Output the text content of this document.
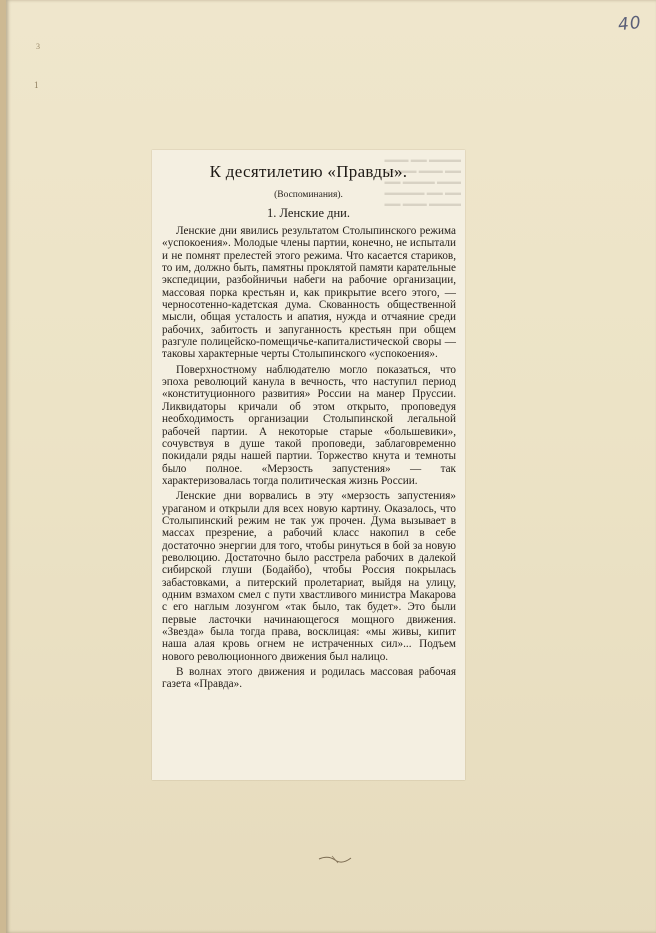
40
3
1
▬▬▬ ▬▬ ▬▬▬▬
▬▬▬▬ ▬▬▬ ▬▬
▬▬ ▬▬▬▬ ▬▬▬
▬▬▬▬▬ ▬▬ ▬▬
▬▬ ▬▬▬ ▬▬▬▬
К десятилетию «Правды».
(Воспоминания).
1. Ленские дни.

Ленские дни явились результатом Столыпинского режима «успокоения». Молодые члены партии, конечно, не испытали и не помнят прелестей этого режима. Что касается стариков, то им, должно быть, памятны проклятой памяти карательные экспедиции, разбойничьи набеги на рабочие организации, массовая порка крестьян и, как прикрытие всего этого, — черносотенно-кадетская дума. Скованность общественной мысли, общая усталость и апатия, нужда и отчаяние среди рабочих, забитость и запуганность крестьян при общем разгуле полицейско-помещичье-капиталистической своры — таковы характерные черты Столыпинского «успокоения».

Поверхностному наблюдателю могло показаться, что эпоха революций канула в вечность, что наступил период «конституционного развития» России на манер Пруссии. Ликвидаторы кричали об этом открыто, проповедуя необходимость организации Столыпинской легальной рабочей партии. А некоторые старые «большевики», сочувствуя в душе такой проповеди, заблаговременно покидали ряды нашей партии. Торжество кнута и темноты было полное. «Мерзость запустения» — так характеризовалась тогда политическая жизнь России.

Ленские дни ворвались в эту «мерзость запустения» ураганом и открыли для всех новую картину. Оказалось, что Столыпинский режим не так уж прочен. Дума вызывает в массах презрение, а рабочий класс накопил в себе достаточно энергии для того, чтобы ринуться в бой за новую революцию. Достаточно было расстрела рабочих в далекой сибирской глуши (Бодайбо), чтобы Россия покрылась забастовками, а питерский пролетариат, выйдя на улицу, одним взмахом смел с пути хвастливого министра Макарова с его наглым лозунгом «так было, так будет». Это были первые ласточки начинающегося мощного движения. «Звезда» была тогда права, восклицая: «мы живы, кипит наша алая кровь огнем не истраченных сил»... Подъем нового революционного движения был налицо.

В волнах этого движения и родилась массовая рабочая газета «Правда».
